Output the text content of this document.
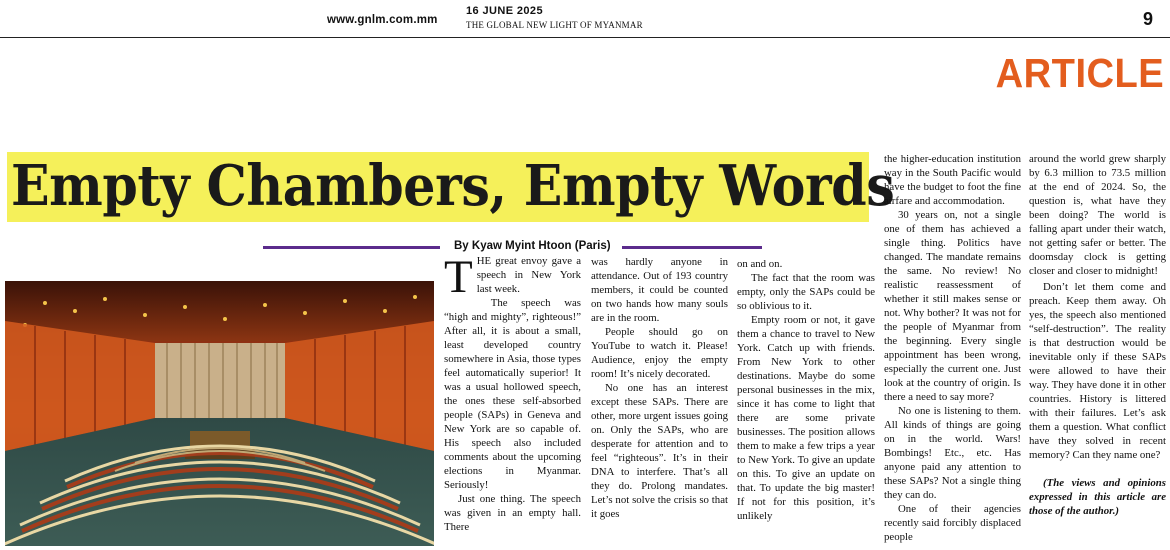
www.gnlm.com.mm
16 JUNE 2025
THE GLOBAL NEW LIGHT OF MYANMAR	9
ARTICLE
Empty Chambers, Empty Words
By Kyaw Myint Htoon (Paris)

THE great envoy gave a speech in New York last week.

The speech was “high and mighty”, righteous!” After all, it is about a small, least developed country somewhere in Asia, those types feel automatically superior! It was a usual hollowed speech, the ones these self-absorbed people (SAPs) in Geneva and New York are so capable of. His speech also included comments about the upcoming elections in Myanmar. Seriously!

Just one thing. The speech was given in an empty hall. There

was hardly anyone in attendance. Out of 193 country members, it could be counted on two hands how many souls are in the room.

People should go on YouTube to watch it. Please! Audience, enjoy the empty room! It’s nicely decorated.

No one has an interest except these SAPs. There are other, more urgent issues going on. Only the SAPs, who are desperate for attention and to feel “righteous”. It’s in their DNA to interfere. That’s all they do. Prolong mandates. Let’s not solve the crisis so that it goes

on and on.

The fact that the room was empty, only the SAPs could be so oblivious to it.

Empty room or not, it gave them a chance to travel to New York. Catch up with friends. From New York to other destinations. Maybe do some personal businesses in the mix, since it has come to light that there are some private businesses. The position allows them to make a few trips a year to New York. To give an update on this. To give an update on that. To update the big master! If not for this position, it’s unlikely

the higher-education institution way in the South Pacific would have the budget to foot the fine airfare and accommodation.

30 years on, not a single one of them has achieved a single thing. Politics have changed. The mandate remains the same. No review! No realistic reassessment of whether it still makes sense or not. Why bother? It was not for the people of Myanmar from the beginning. Every single appointment has been wrong, especially the current one. Just look at the country of origin. Is there a need to say more?

No one is listening to them. All kinds of things are going on in the world. Wars! Bombings! Etc., etc. Has anyone paid any attention to these SAPs? Not a single thing they can do.

One of their agencies recently said forcibly displaced people

around the world grew sharply by 6.3 million to 73.5 million at the end of 2024. So, the question is, what have they been doing? The world is falling apart under their watch, not getting safer or better. The doomsday clock is getting closer and closer to midnight!

Don’t let them come and preach. Keep them away. Oh yes, the speech also mentioned “self-destruction”. The reality is that destruction would be inevitable only if these SAPs were allowed to have their way. They have done it in other countries. History is littered with their failures. Let’s ask them a question. What conflict have they solved in recent memory? Can they name one?

(The views and opinions expressed in this article are those of the author.)
